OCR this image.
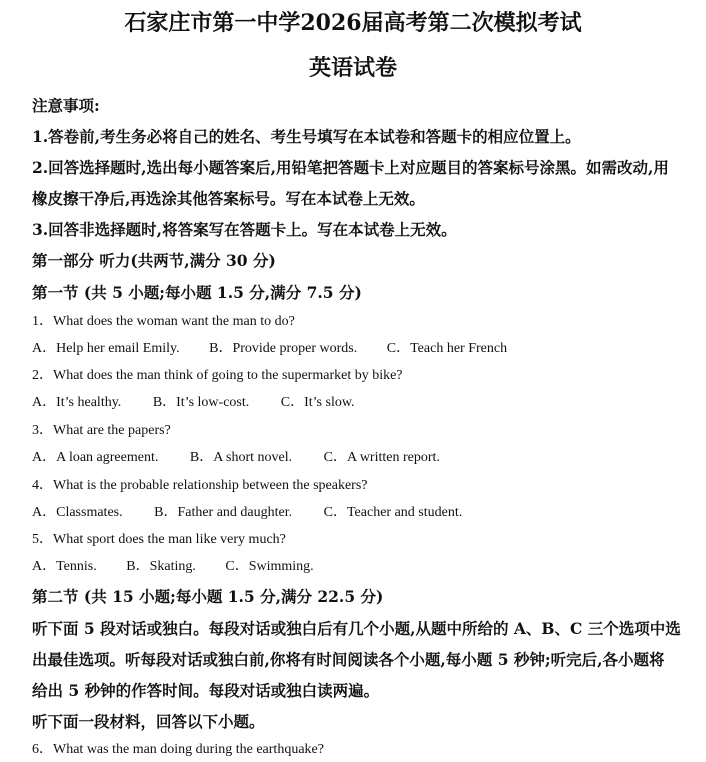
石家庄市第一中学2026届高考第二次模拟考试
英语试卷
注意事项:
1.答卷前,考生务必将自己的姓名、考生号填写在本试卷和答题卡的相应位置上。
2.回答选择题时,选出每小题答案后,用铅笔把答题卡上对应题目的答案标号涂黑。如需改动,用
橡皮擦干净后,再选涂其他答案标号。写在本试卷上无效。
3.回答非选择题时,将答案写在答题卡上。写在本试卷上无效。
第一部分 听力(共两节,满分 30 分)
第一节 (共 5 小题;每小题 1.5 分,满分 7.5 分)
1．What does the woman want the man to do?
A．Help her email Emily. B．Provide proper words. C．Teach her French
2．What does the man think of going to the supermarket by bike?
A．It’s healthy. B．It’s low-cost. C．It’s slow.
3．What are the papers?
A．A loan agreement. B．A short novel. C．A written report.
4．What is the probable relationship between the speakers?
A．Classmates. B．Father and daughter. C．Teacher and student.
5．What sport does the man like very much?
A．Tennis. B．Skating. C．Swimming.
第二节 (共 15 小题;每小题 1.5 分,满分 22.5 分)
听下面 5 段对话或独白。每段对话或独白后有几个小题,从题中所给的 A、B、C 三个选项中选
出最佳选项。听每段对话或独白前,你将有时间阅读各个小题,每小题 5 秒钟;听完后,各小题将
给出 5 秒钟的作答时间。每段对话或独白读两遍。
听下面一段材料，回答以下小题。
6．What was the man doing during the earthquake?
